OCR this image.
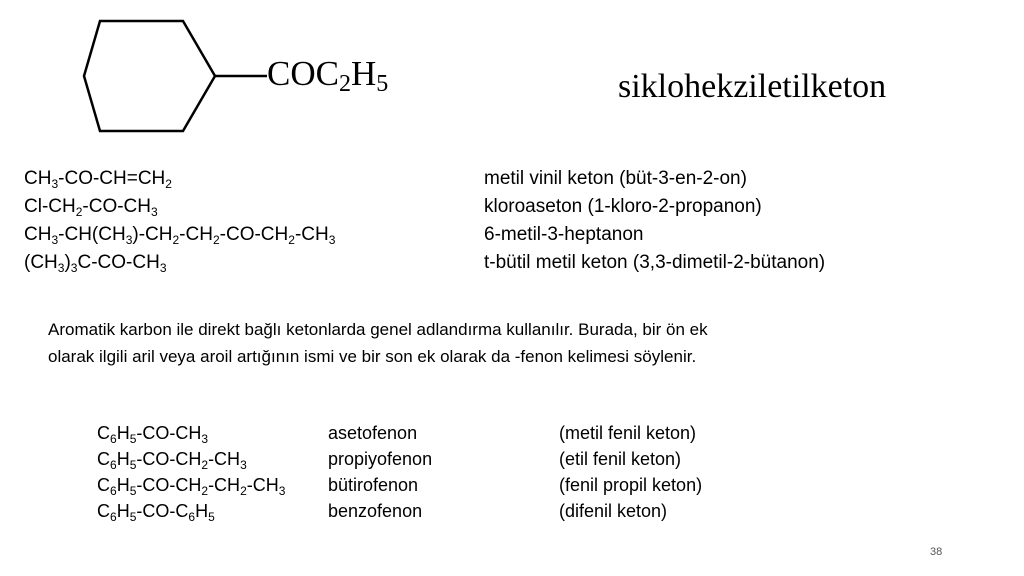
$COC_2H_5$	siklohekziletilketon
$CH_3-CO-CH=CH_2$	metil vinil keton (büt-3-en-2-on)
$Cl-CH_2-CO-CH_3$	kloroaseton (1-kloro-2-propanon)
$CH_3-CH(CH_3)-CH_2-CH_2-CO-CH_2-CH_3$	6-metil-3-heptanon
$(CH_3)_3C-CO-CH_3$	t-bütil metil keton (3,3-dimetil-2-bütanon)

Aromatik karbon ile direkt bağlı ketonlarda genel adlandırma kullanılır. Burada, bir ön ek

olarak ilgili aril veya aroil artığının ismi ve bir son ek olarak da -fenon kelimesi söylenir.

$C_6H_5-CO-CH_3$	asetofenon	(metil fenil keton)
$C_6H_5-CO-CH_2-CH_3$	propiyofenon	(etil fenil keton)
$C_6H_5-CO-CH_2-CH_2-CH_3$ bütirofenon	(fenil propil keton)
$C_6H_5-CO-C_6H_5$	benzofenon	(difenil keton)
38
